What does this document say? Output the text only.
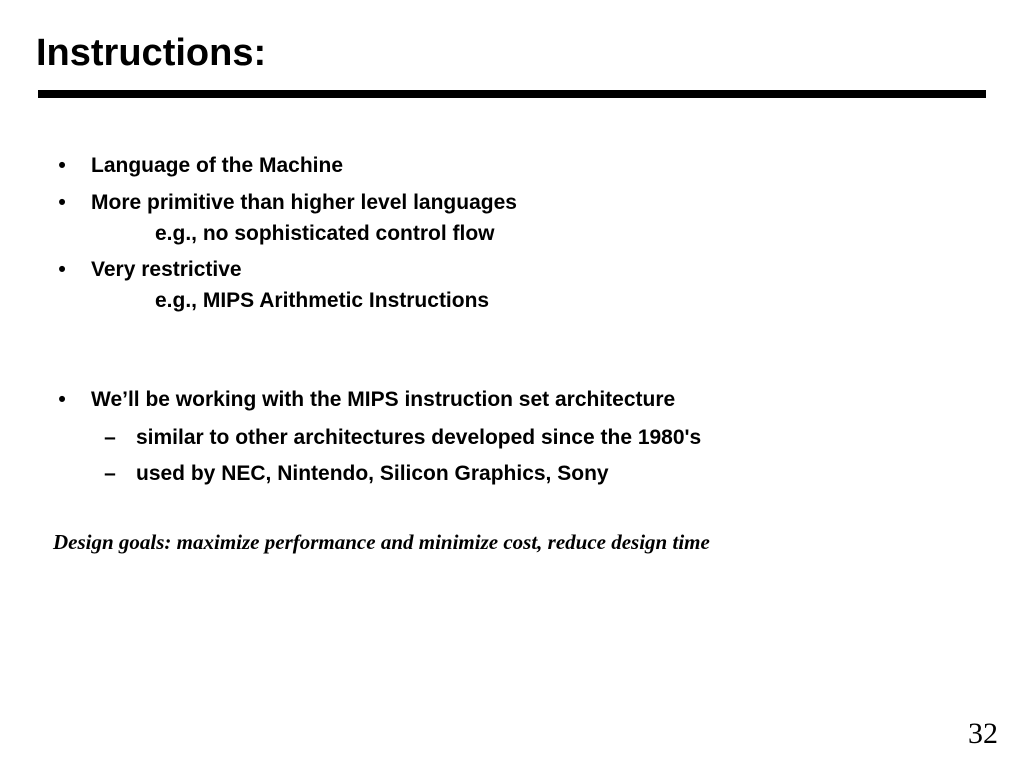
Instructions:
•	Language of the Machine
•	More primitive than higher level languages
e.g., no sophisticated control flow
•	Very restrictive
e.g., MIPS Arithmetic Instructions
•	We’ll be working with the MIPS instruction set architecture
– similar to other architectures developed since the 1980's
– used by NEC, Nintendo, Silicon Graphics, Sony
Design goals: maximize performance and minimize cost, reduce design time
32
